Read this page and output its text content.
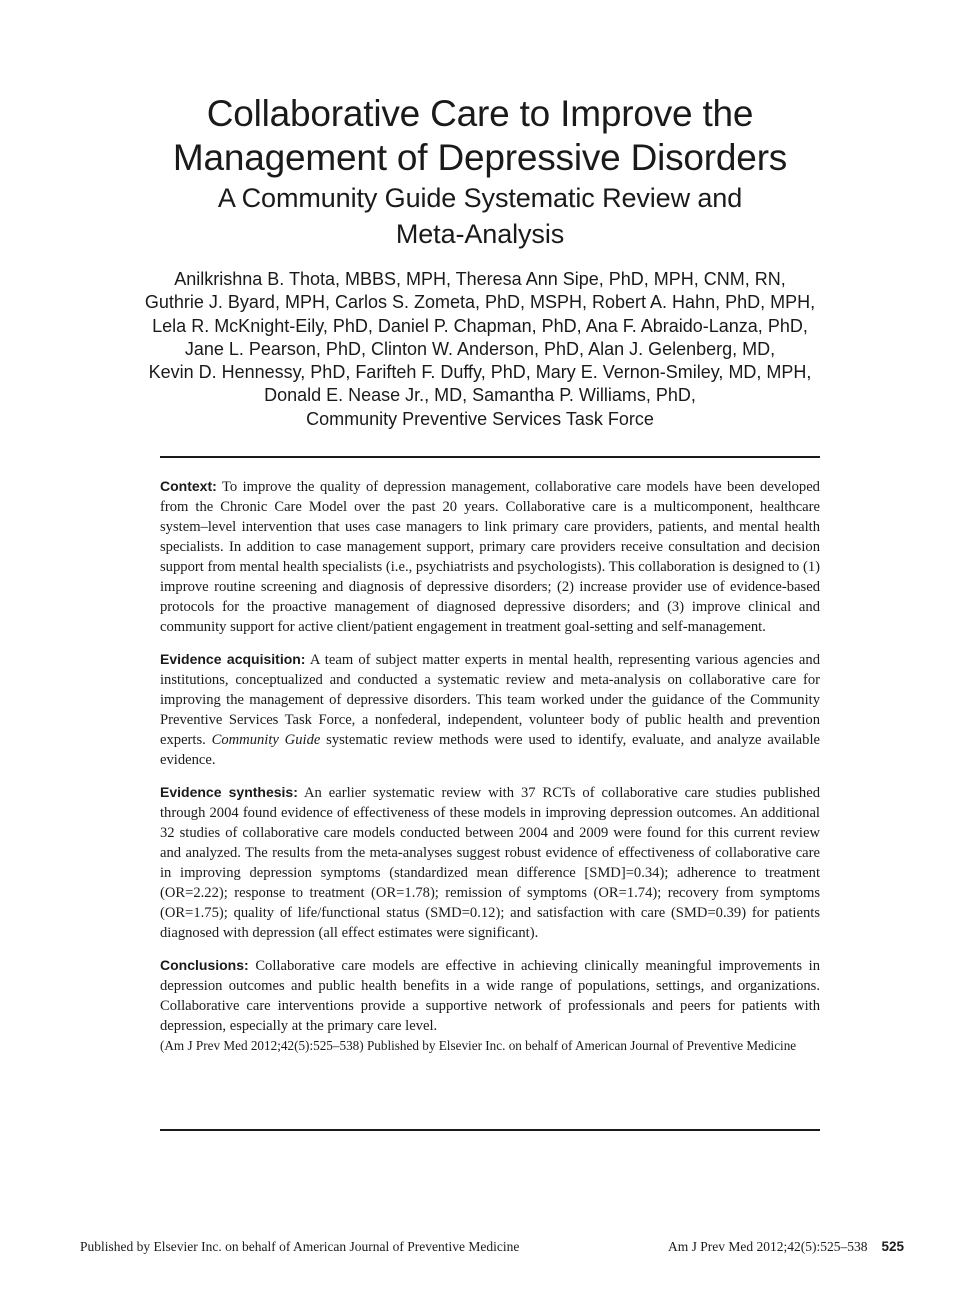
Collaborative Care to Improve the
Management of Depressive Disorders
A Community Guide Systematic Review and
Meta-Analysis
Anilkrishna B. Thota, MBBS, MPH, Theresa Ann Sipe, PhD, MPH, CNM, RN,
Guthrie J. Byard, MPH, Carlos S. Zometa, PhD, MSPH, Robert A. Hahn, PhD, MPH,
Lela R. McKnight-Eily, PhD, Daniel P. Chapman, PhD, Ana F. Abraido-Lanza, PhD,
Jane L. Pearson, PhD, Clinton W. Anderson, PhD, Alan J. Gelenberg, MD,
Kevin D. Hennessy, PhD, Farifteh F. Duffy, PhD, Mary E. Vernon-Smiley, MD, MPH,
Donald E. Nease Jr., MD, Samantha P. Williams, PhD,
Community Preventive Services Task Force

Context: To improve the quality of depression management, collaborative care models have been developed from the Chronic Care Model over the past 20 years. Collaborative care is a multicomponent, healthcare system–level intervention that uses case managers to link primary care providers, patients, and mental health specialists. In addition to case management support, primary care providers receive consultation and decision support from mental health specialists (i.e., psychiatrists and psychologists). This collaboration is designed to (1) improve routine screening and diagnosis of depressive disorders; (2) increase provider use of evidence-based protocols for the proactive management of diagnosed depressive disorders; and (3) improve clinical and community support for active client/patient engagement in treatment goal-setting and self-management.

Evidence acquisition: A team of subject matter experts in mental health, representing various agencies and institutions, conceptualized and conducted a systematic review and meta-analysis on collaborative care for improving the management of depressive disorders. This team worked under the guidance of the Community Preventive Services Task Force, a nonfederal, independent, volunteer body of public health and prevention experts. Community Guide systematic review methods were used to identify, evaluate, and analyze available evidence.

Evidence synthesis: An earlier systematic review with 37 RCTs of collaborative care studies published through 2004 found evidence of effectiveness of these models in improving depression outcomes. An additional 32 studies of collaborative care models conducted between 2004 and 2009 were found for this current review and analyzed. The results from the meta-analyses suggest robust evidence of effectiveness of collaborative care in improving depression symptoms (standardized mean difference [SMD]=0.34); adherence to treatment (OR=2.22); response to treatment (OR=1.78); remission of symptoms (OR=1.74); recovery from symptoms (OR=1.75); quality of life/functional status (SMD=0.12); and satisfaction with care (SMD=0.39) for patients diagnosed with depression (all effect estimates were significant).

Conclusions: Collaborative care models are effective in achieving clinically meaningful improvements in depression outcomes and public health benefits in a wide range of populations, settings, and organizations. Collaborative care interventions provide a supportive network of professionals and peers for patients with depression, especially at the primary care level.

(Am J Prev Med 2012;42(5):525–538) Published by Elsevier Inc. on behalf of American Journal of Preventive Medicine

Published by Elsevier Inc. on behalf of American Journal of Preventive Medicine	Am J Prev Med 2012;42(5):525–538 525
